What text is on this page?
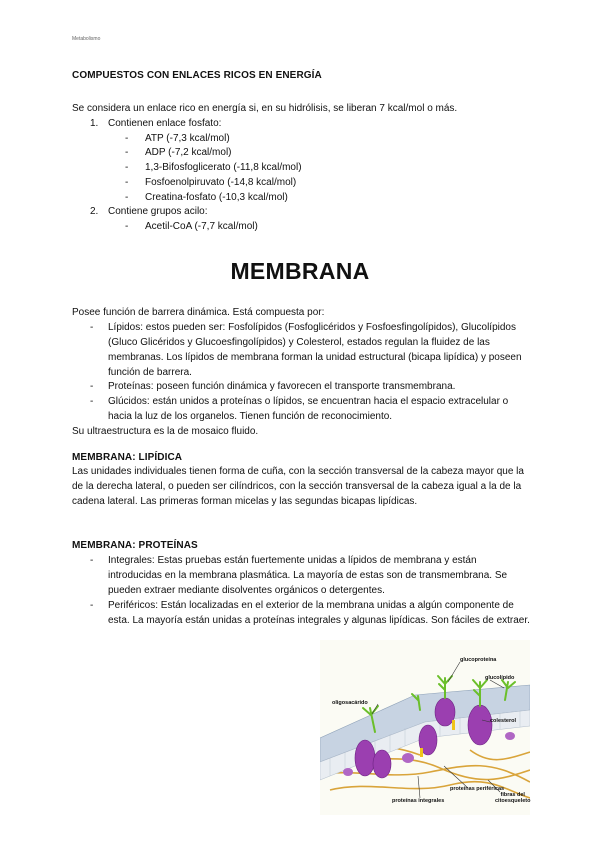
Metabolismo
COMPUESTOS CON ENLACES RICOS EN ENERGÍA
Se considera un enlace rico en energía si, en su hidrólisis, se liberan 7 kcal/mol o más.
1. Contienen enlace fosfato:
- ATP (-7,3 kcal/mol)
- ADP (-7,2 kcal/mol)
- 1,3-Bifosfoglicerato (-11,8 kcal/mol)
- Fosfoenolpiruvato (-14,8 kcal/mol)
- Creatina-fosfato (-10,3 kcal/mol)
2. Contiene grupos acilo:
- Acetil-CoA (-7,7 kcal/mol)
MEMBRANA
Posee función de barrera dinámica. Está compuesta por:
- Lípidos: estos pueden ser: Fosfolípidos (Fosfoglicéridos y Fosfoesfingolípidos), Glucolípidos (Gluco Glicéridos y Glucoesfingolípidos) y Colesterol, estados regulan la fluidez de las membranas. Los lípidos de membrana forman la unidad estructural (bicapa lipídica) y poseen función de barrera.
- Proteínas: poseen función dinámica y favorecen el transporte transmembrana.
- Glúcidos: están unidos a proteínas o lípidos, se encuentran hacia el espacio extracelular o hacia la luz de los organelos. Tienen función de reconocimiento.
Su ultraestructura es la de mosaico fluido.
MEMBRANA: LIPÍDICA
Las unidades individuales tienen forma de cuña, con la sección transversal de la cabeza mayor que la de la derecha lateral, o pueden ser cilíndricos, con la sección transversal de la cabeza igual a la de la cadena lateral. Las primeras forman micelas y las segundas bicapas lipídicas.
MEMBRANA: PROTEÍNAS
- Integrales: Estas pruebas están fuertemente unidas a lípidos de membrana y están introducidas en la membrana plasmática. La mayoría de estas son de transmembrana. Se pueden extraer mediante disolventes orgánicos o detergentes.
- Periféricos: Están localizadas en el exterior de la membrana unidas a algún componente de esta. La mayoría están unidas a proteínas integrales y algunas lipídicas. Son fáciles de extraer.
glucoproteína
glucolípido
oligosacárido
colesterol
proteínas periféricas
proteínas integrales
fibras del
citoesqueleto
